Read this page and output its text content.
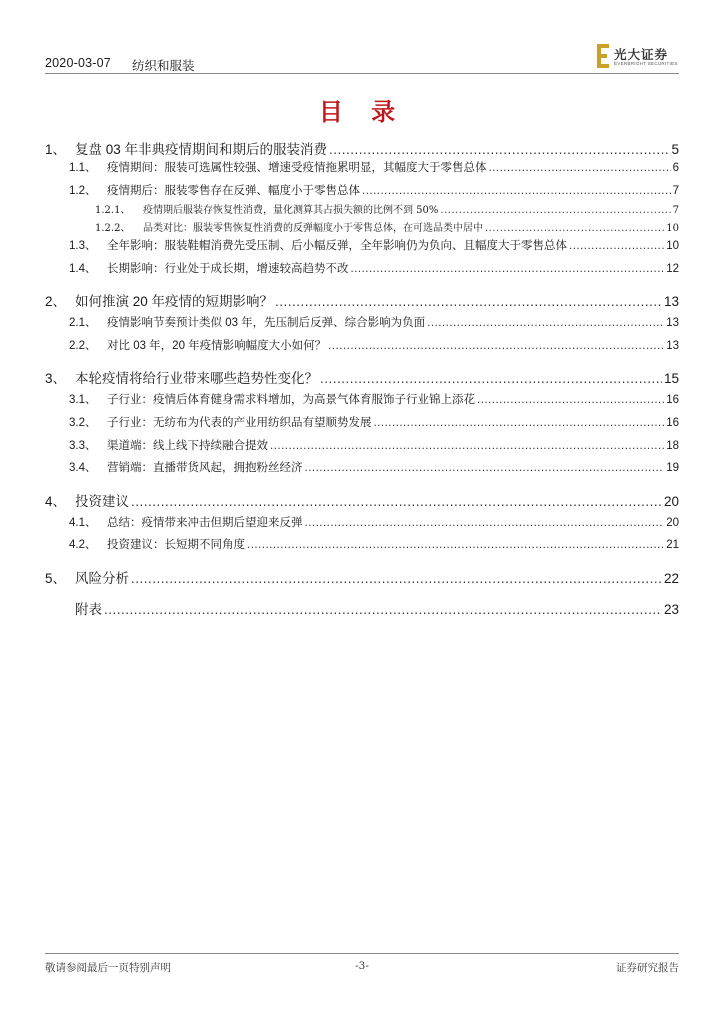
2020-03-07 纺织和服装
光大证券
EVERBRIGHT SECURITIES
目 录
1、 复盘 03 年非典疫情期间和期后的服装消费 .....	5
1.1、 疫情期间：服装可选属性较强、增速受疫情拖累明显，其幅度大于零售总体 .....	6
1.2、 疫情期后：服装零售存在反弹、幅度小于零售总体 .....	7
1.2.1、	疫情期后服装存恢复性消费，量化测算其占损失额的比例不到 50% .....	7
1.2.2、	品类对比：服装零售恢复性消费的反弹幅度小于零售总体，在可选品类中居中 .....	10
1.3、 全年影响：服装鞋帽消费先受压制、后小幅反弹，全年影响仍为负向、且幅度大于零售总体 .....	10
1.4、 长期影响：行业处于成长期，增速较高趋势不改 .....	12
2、 如何推演 20 年疫情的短期影响？ .....	13
2.1、 疫情影响节奏预计类似 03 年，先压制后反弹、综合影响为负面 .....	13
2.2、 对比 03 年，20 年疫情影响幅度大小如何？ .....	13
3、 本轮疫情将给行业带来哪些趋势性变化？ .....	15
3.1、 子行业：疫情后体育健身需求料增加，为高景气体育服饰子行业锦上添花 .....	16
3.2、 子行业：无纺布为代表的产业用纺织品有望顺势发展 .....	16
3.3、 渠道端：线上线下持续融合提效 .....	18
3.4、 营销端：直播带货风起，拥抱粉丝经济 .....	19
4、 投资建议 .....	20
4.1、 总结：疫情带来冲击但期后望迎来反弹 .....	20
4.2、 投资建议：长短期不同角度 .....	21
5、 风险分析 .....	22
附表 .....	23
敬请参阅最后一页特别声明	-3-	证券研究报告
